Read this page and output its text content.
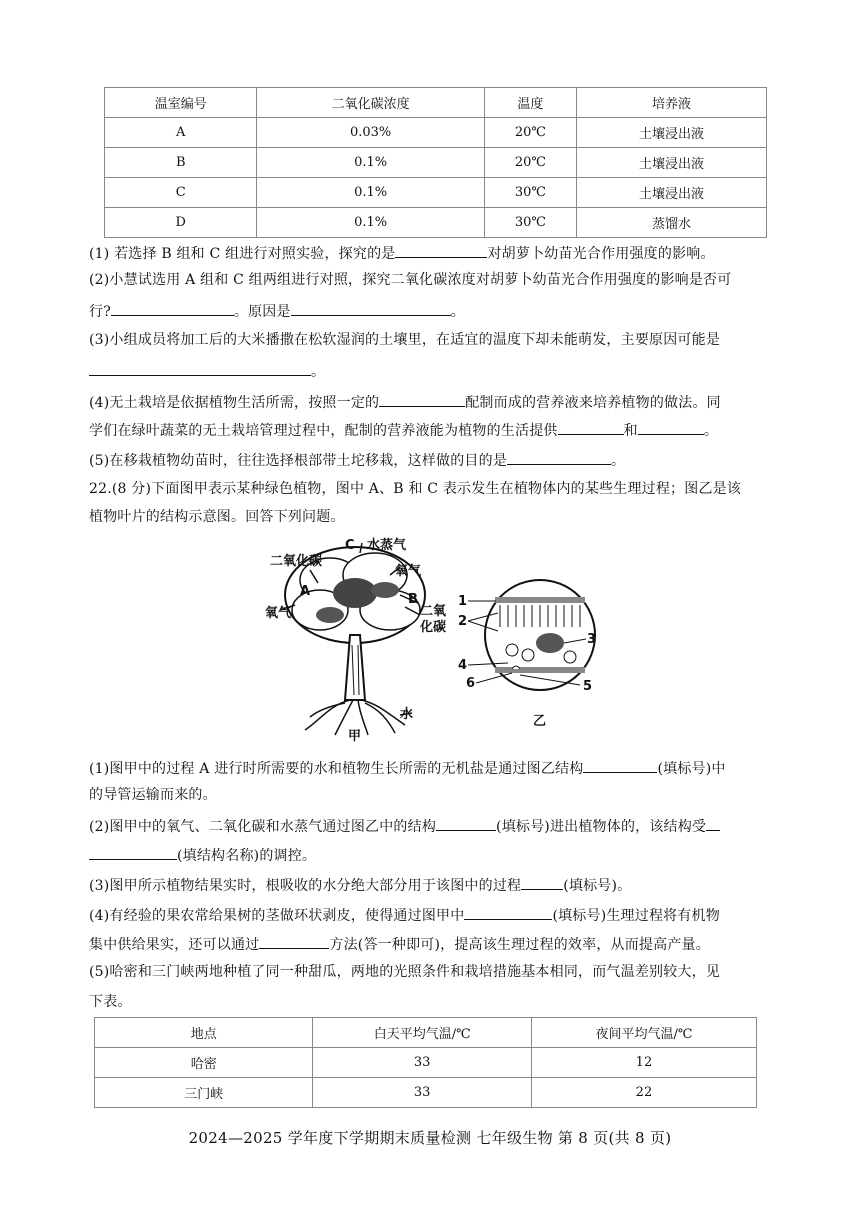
温室编号	二氧化碳浓度	温度	培养液
A	0.03%	20℃	土壤浸出液
B	0.1%	20℃	土壤浸出液
C	0.1%	30℃	土壤浸出液
D	0.1%	30℃	蒸馏水
(1) 若选择 B 组和 C 组进行对照实验，探究的是	对胡萝卜幼苗光合作用强度的影响。
(2)小慧试选用 A 组和 C 组两组进行对照，探究二氧化碳浓度对胡萝卜幼苗光合作用强度的影响是否可
行?	。原因是	。
(3)小组成员将加工后的大米播撒在松软湿润的土壤里，在适宜的温度下却未能萌发，主要原因可能是
。
(4)无土栽培是依据植物生活所需，按照一定的	配制而成的营养液来培养植物的做法。同
学们在绿叶蔬菜的无土栽培管理过程中，配制的营养液能为植物的生活提供	和	。
(5)在移栽植物幼苗时，往往选择根部带土坨移栽，这样做的目的是	。
22.(8 分)下面图甲表示某种绿色植物，图中 A、B 和 C 表示发生在植物体内的某些生理过程；图乙是该
植物叶片的结构示意图。回答下列问题。
二氧化碳
C 水蒸气
氧气
A
B
氧气	二氧
化碳
水
甲
1
2
3
4
5
6
乙
(1)图甲中的过程 A 进行时所需要的水和植物生长所需的无机盐是通过图乙结构	(填标号)中
的导管运输而来的。
(2)图甲中的氧气、二氧化碳和水蒸气通过图乙中的结构	(填标号)进出植物体的，该结构受
(填结构名称)的调控。
(3)图甲所示植物结果实时，根吸收的水分绝大部分用于该图中的过程	(填标号)。
(4)有经验的果农常给果树的茎做环状剥皮，使得通过图甲中	(填标号)生理过程将有机物
集中供给果实，还可以通过	方法(答一种即可)，提高该生理过程的效率，从而提高产量。
(5)哈密和三门峡两地种植了同一种甜瓜，两地的光照条件和栽培措施基本相同，而气温差别较大，见
下表。
地点	白天平均气温/℃	夜间平均气温/℃
哈密	33	12
三门峡	33	22
2024—2025 学年度下学期期末质量检测 七年级生物 第 8 页(共 8 页)
